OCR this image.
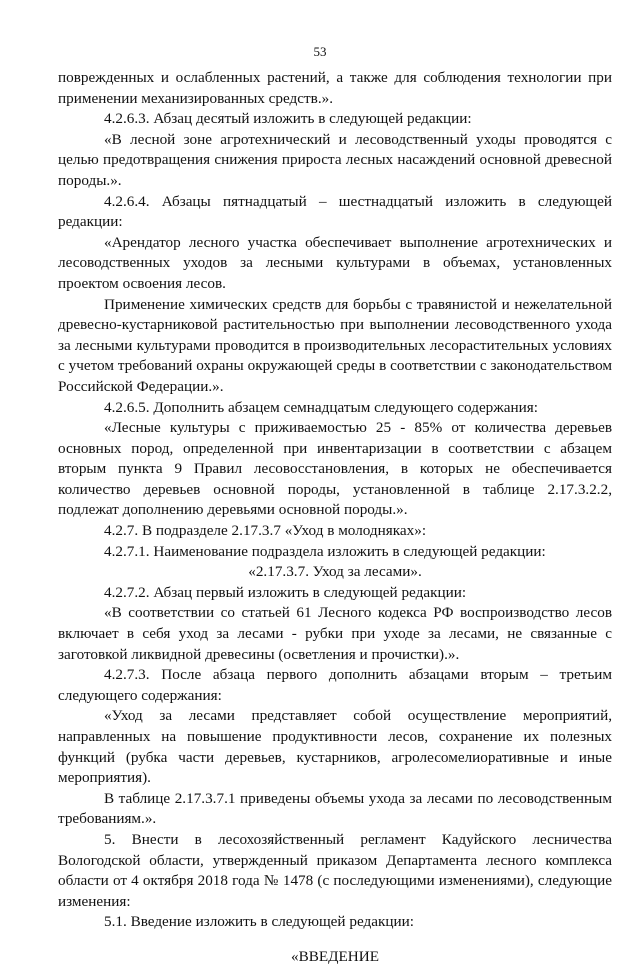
53

поврежденных и ослабленных растений, а также для соблюдения технологии при применении механизированных средств.».

4.2.6.3. Абзац десятый изложить в следующей редакции:

«В лесной зоне агротехнический и лесоводственный уходы проводятся с целью предотвращения снижения прироста лесных насаждений основной древесной породы.».

4.2.6.4. Абзацы пятнадцатый – шестнадцатый изложить в следующей редакции:

«Арендатор лесного участка обеспечивает выполнение агротехнических и лесоводственных уходов за лесными культурами в объемах, установленных проектом освоения лесов.

Применение химических средств для борьбы с травянистой и нежелательной древесно-кустарниковой растительностью при выполнении лесоводственного ухода за лесными культурами проводится в производительных лесорастительных условиях с учетом требований охраны окружающей среды в соответствии с законодательством Российской Федерации.».

4.2.6.5. Дополнить абзацем семнадцатым следующего содержания:

«Лесные культуры с приживаемостью 25 - 85% от количества деревьев основных пород, определенной при инвентаризации в соответствии с абзацем вторым пункта 9 Правил лесовосстановления, в которых не обеспечивается количество деревьев основной породы, установленной в таблице 2.17.3.2.2, подлежат дополнению деревьями основной породы.».

4.2.7. В подразделе 2.17.3.7 «Уход в молодняках»:

4.2.7.1. Наименование подраздела изложить в следующей редакции:

«2.17.3.7. Уход за лесами».

4.2.7.2. Абзац первый изложить в следующей редакции:

«В соответствии со статьей 61 Лесного кодекса РФ воспроизводство лесов включает в себя уход за лесами - рубки при уходе за лесами, не связанные с заготовкой ликвидной древесины (осветления и прочистки).».

4.2.7.3. После абзаца первого дополнить абзацами вторым – третьим следующего содержания:

«Уход за лесами представляет собой осуществление мероприятий, направленных на повышение продуктивности лесов, сохранение их полезных функций (рубка части деревьев, кустарников, агролесомелиоративные и иные мероприятия).

В таблице 2.17.3.7.1 приведены объемы ухода за лесами по лесоводственным требованиям.».

5. Внести в лесохозяйственный регламент Кадуйского лесничества Вологодской области, утвержденный приказом Департамента лесного комплекса области от 4 октября 2018 года № 1478 (с последующими изменениями), следующие изменения:

5.1. Введение изложить в следующей редакции:

«ВВЕДЕНИЕ
